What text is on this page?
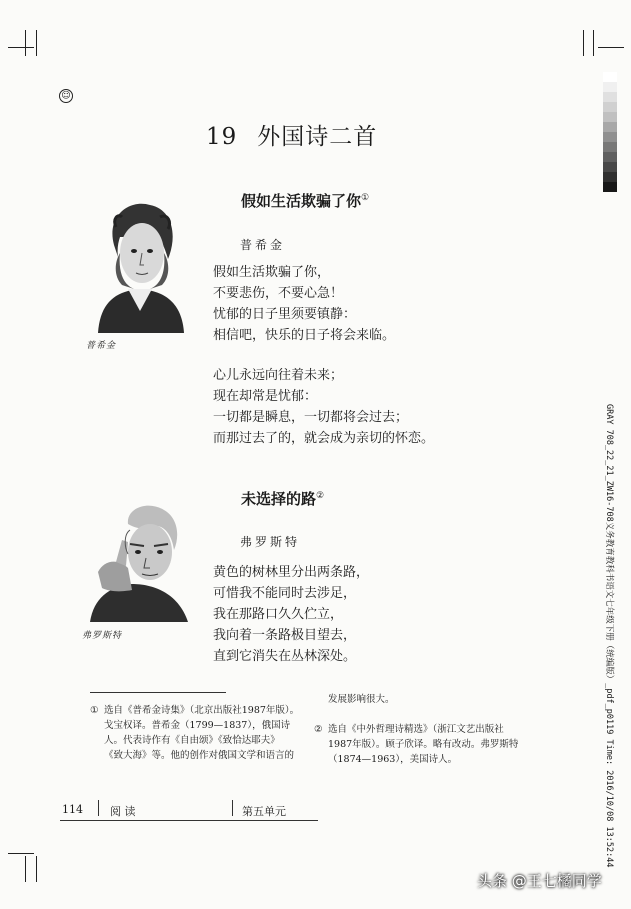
☺
19 外国诗二首
普希金
假如生活欺骗了你①
普希金
假如生活欺骗了你，
不要悲伤，不要心急！
忧郁的日子里须要镇静：
相信吧，快乐的日子将会来临。
心儿永远向往着未来；
现在却常是忧郁：
一切都是瞬息，一切都将会过去；
而那过去了的，就会成为亲切的怀恋。
未选择的路②
弗罗斯特
弗罗斯特
黄色的树林里分出两条路，
可惜我不能同时去涉足，
我在那路口久久伫立，
我向着一条路极目望去，
直到它消失在丛林深处。
① 选自《普希金诗集》（北京出版社1987年版）。
戈宝权译。普希金（1799—1837），俄国诗
人。代表诗作有《自由颂》《致恰达耶夫》
《致大海》等。他的创作对俄国文学和语言的
发展影响很大。
② 选自《中外哲理诗精选》（浙江文艺出版社
1987年版）。顾子欣译。略有改动。弗罗斯特
（1874—1963），美国诗人。
114 阅 读	第五单元	GRAY 708_22_21_ZW16-708义务教育教科书语文七年级下册（统编版）_pdf_p0119 Time: 2016/10/08 13:52:44
头条 @王七橘同学
